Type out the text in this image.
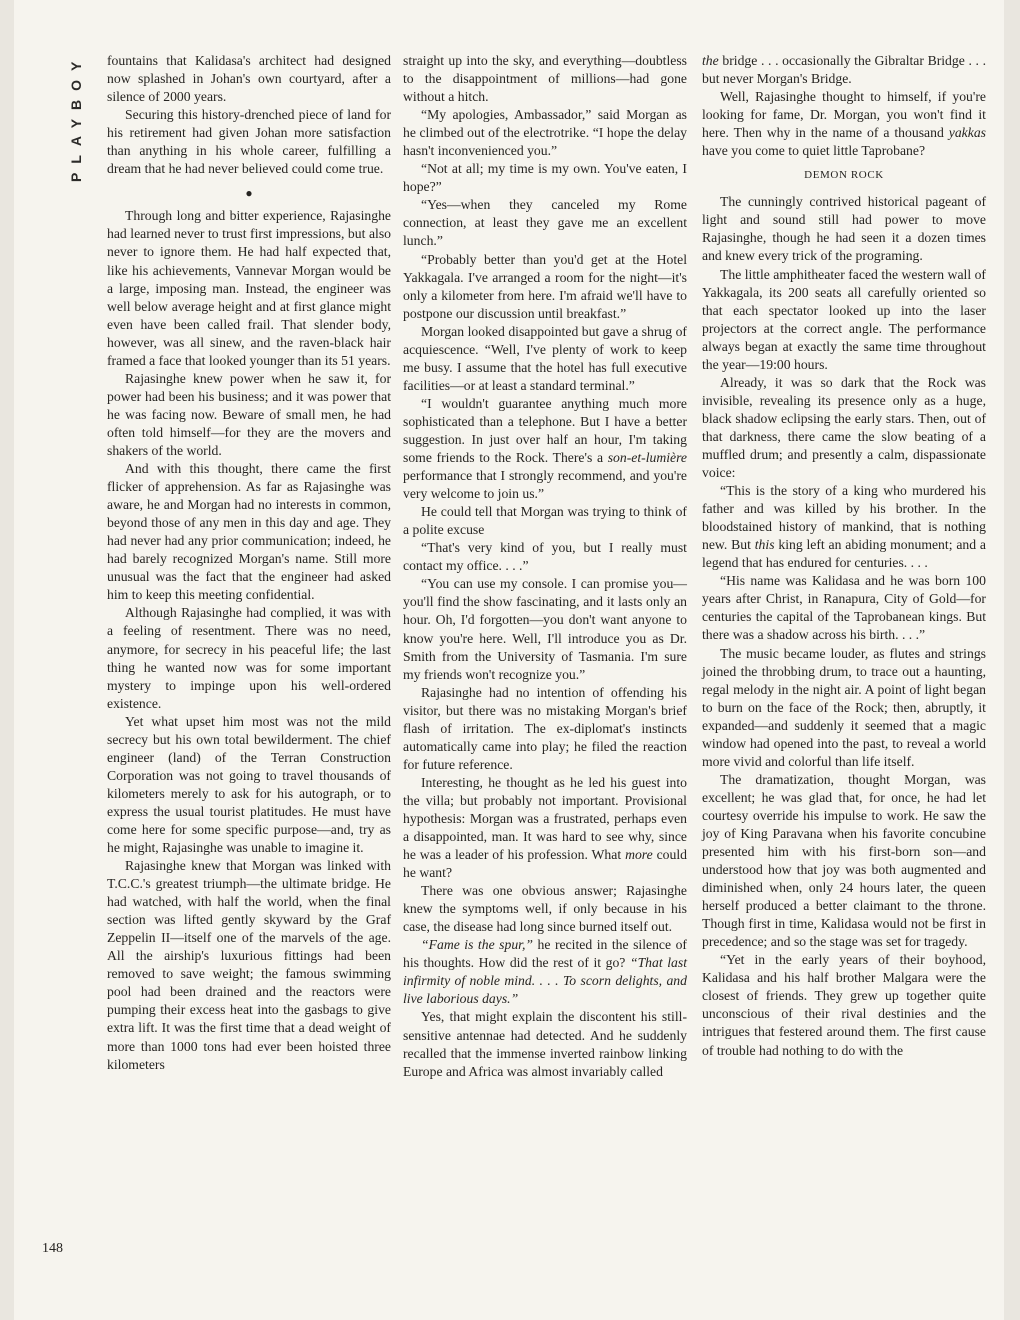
PLAYBOY
148

fountains that Kalidasa's architect had designed now splashed in Johan's own courtyard, after a silence of 2000 years.

Securing this history-drenched piece of land for his retirement had given Johan more satisfaction than anything in his whole career, fulfilling a dream that he had never believed could come true.

●

Through long and bitter experience, Rajasinghe had learned never to trust first impressions, but also never to ignore them. He had half expected that, like his achievements, Vannevar Morgan would be a large, imposing man. Instead, the engineer was well below average height and at first glance might even have been called frail. That slender body, however, was all sinew, and the raven-black hair framed a face that looked younger than its 51 years.

Rajasinghe knew power when he saw it, for power had been his business; and it was power that he was facing now. Beware of small men, he had often told himself—for they are the movers and shakers of the world.

And with this thought, there came the first flicker of apprehension. As far as Rajasinghe was aware, he and Morgan had no interests in common, beyond those of any men in this day and age. They had never had any prior communication; indeed, he had barely recognized Morgan's name. Still more unusual was the fact that the engineer had asked him to keep this meeting confidential.

Although Rajasinghe had complied, it was with a feeling of resentment. There was no need, anymore, for secrecy in his peaceful life; the last thing he wanted now was for some important mystery to impinge upon his well-ordered existence.

Yet what upset him most was not the mild secrecy but his own total bewilderment. The chief engineer (land) of the Terran Construction Corporation was not going to travel thousands of kilometers merely to ask for his autograph, or to express the usual tourist platitudes. He must have come here for some specific purpose—and, try as he might, Rajasinghe was unable to imagine it.

Rajasinghe knew that Morgan was linked with T.C.C.'s greatest triumph—the ultimate bridge. He had watched, with half the world, when the final section was lifted gently skyward by the Graf Zeppelin II—itself one of the marvels of the age. All the airship's luxurious fittings had been removed to save weight; the famous swimming pool had been drained and the reactors were pumping their excess heat into the gasbags to give extra lift. It was the first time that a dead weight of more than 1000 tons had ever been hoisted three kilometers

straight up into the sky, and everything—doubtless to the disappointment of millions—had gone without a hitch.

“My apologies, Ambassador,” said Morgan as he climbed out of the electrotrike. “I hope the delay hasn't inconvenienced you.”

“Not at all; my time is my own. You've eaten, I hope?”

“Yes—when they canceled my Rome connection, at least they gave me an excellent lunch.”

“Probably better than you'd get at the Hotel Yakkagala. I've arranged a room for the night—it's only a kilometer from here. I'm afraid we'll have to postpone our discussion until breakfast.”

Morgan looked disappointed but gave a shrug of acquiescence. “Well, I've plenty of work to keep me busy. I assume that the hotel has full executive facilities—or at least a standard terminal.”

“I wouldn't guarantee anything much more sophisticated than a telephone. But I have a better suggestion. In just over half an hour, I'm taking some friends to the Rock. There's a son-et-lumière performance that I strongly recommend, and you're very welcome to join us.”

He could tell that Morgan was trying to think of a polite excuse

“That's very kind of you, but I really must contact my office. . . .”

“You can use my console. I can promise you—you'll find the show fascinating, and it lasts only an hour. Oh, I'd forgotten—you don't want anyone to know you're here. Well, I'll introduce you as Dr. Smith from the University of Tasmania. I'm sure my friends won't recognize you.”

Rajasinghe had no intention of offending his visitor, but there was no mistaking Morgan's brief flash of irritation. The ex-diplomat's instincts automatically came into play; he filed the reaction for future reference.

Interesting, he thought as he led his guest into the villa; but probably not important. Provisional hypothesis: Morgan was a frustrated, perhaps even a disappointed, man. It was hard to see why, since he was a leader of his profession. What more could he want?

There was one obvious answer; Rajasinghe knew the symptoms well, if only because in his case, the disease had long since burned itself out.

“Fame is the spur,” he recited in the silence of his thoughts. How did the rest of it go? “That last infirmity of noble mind. . . . To scorn delights, and live laborious days.”

Yes, that might explain the discontent his still-sensitive antennae had detected. And he suddenly recalled that the immense inverted rainbow linking Europe and Africa was almost invariably called

the bridge . . . occasionally the Gibraltar Bridge . . . but never Morgan's Bridge.

Well, Rajasinghe thought to himself, if you're looking for fame, Dr. Morgan, you won't find it here. Then why in the name of a thousand yakkas have you come to quiet little Taprobane?

DEMON ROCK

The cunningly contrived historical pageant of light and sound still had power to move Rajasinghe, though he had seen it a dozen times and knew every trick of the programing.

The little amphitheater faced the western wall of Yakkagala, its 200 seats all carefully oriented so that each spectator looked up into the laser projectors at the correct angle. The performance always began at exactly the same time throughout the year—19:00 hours.

Already, it was so dark that the Rock was invisible, revealing its presence only as a huge, black shadow eclipsing the early stars. Then, out of that darkness, there came the slow beating of a muffled drum; and presently a calm, dispassionate voice:

“This is the story of a king who murdered his father and was killed by his brother. In the bloodstained history of mankind, that is nothing new. But this king left an abiding monument; and a legend that has endured for centuries. . . .

“His name was Kalidasa and he was born 100 years after Christ, in Ranapura, City of Gold—for centuries the capital of the Taprobanean kings. But there was a shadow across his birth. . . .”

The music became louder, as flutes and strings joined the throbbing drum, to trace out a haunting, regal melody in the night air. A point of light began to burn on the face of the Rock; then, abruptly, it expanded—and suddenly it seemed that a magic window had opened into the past, to reveal a world more vivid and colorful than life itself.

The dramatization, thought Morgan, was excellent; he was glad that, for once, he had let courtesy override his impulse to work. He saw the joy of King Paravana when his favorite concubine presented him with his first-born son—and understood how that joy was both augmented and diminished when, only 24 hours later, the queen herself produced a better claimant to the throne. Though first in time, Kalidasa would not be first in precedence; and so the stage was set for tragedy.

“Yet in the early years of their boyhood, Kalidasa and his half brother Malgara were the closest of friends. They grew up together quite unconscious of their rival destinies and the intrigues that festered around them. The first cause of trouble had nothing to do with the
